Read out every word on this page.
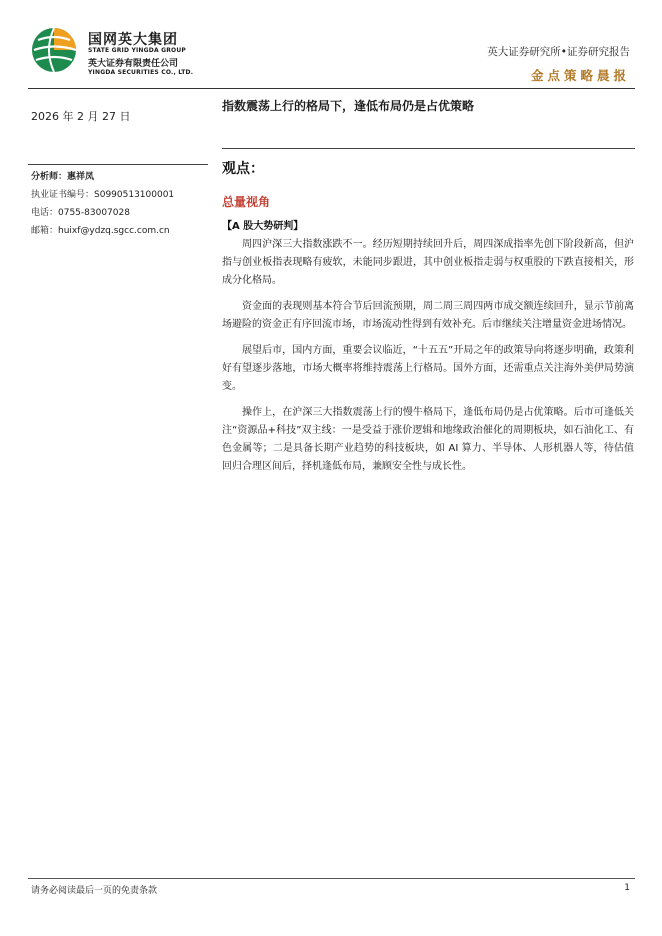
国网英大集团
STATE GRID YINGDA GROUP
英大证券有限责任公司
YINGDA SECURITIES CO., LTD.
英大证券研究所•证券研究报告
金点策略晨报
2026 年 2 月 27 日
指数震荡上行的格局下，逢低布局仍是占优策略
分析师：惠祥凤
执业证书编号：S0990513100001
电话：0755-83007028
邮箱：huixf@ydzq.sgcc.com.cn
观点：
总量视角
【A 股大势研判】

周四沪深三大指数涨跌不一。经历短期持续回升后，周四深成指率先创下阶段新高，但沪指与创业板指表现略有疲软，未能同步跟进，其中创业板指走弱与权重股的下跌直接相关，形成分化格局。

资金面的表现则基本符合节后回流预期，周二周三周四两市成交额连续回升，显示节前离场避险的资金正有序回流市场，市场流动性得到有效补充。后市继续关注增量资金进场情况。

展望后市，国内方面，重要会议临近，“十五五”开局之年的政策导向将逐步明确，政策利好有望逐步落地，市场大概率将维持震荡上行格局。国外方面，还需重点关注海外美伊局势演变。

操作上，在沪深三大指数震荡上行的慢牛格局下，逢低布局仍是占优策略。后市可逢低关注“资源品+科技”双主线：一是受益于涨价逻辑和地缘政治催化的周期板块，如石油化工、有色金属等；二是具备长期产业趋势的科技板块，如 AI 算力、半导体、人形机器人等，待估值回归合理区间后，择机逢低布局，兼顾安全性与成长性。

请务必阅读最后一页的免责条款	1
